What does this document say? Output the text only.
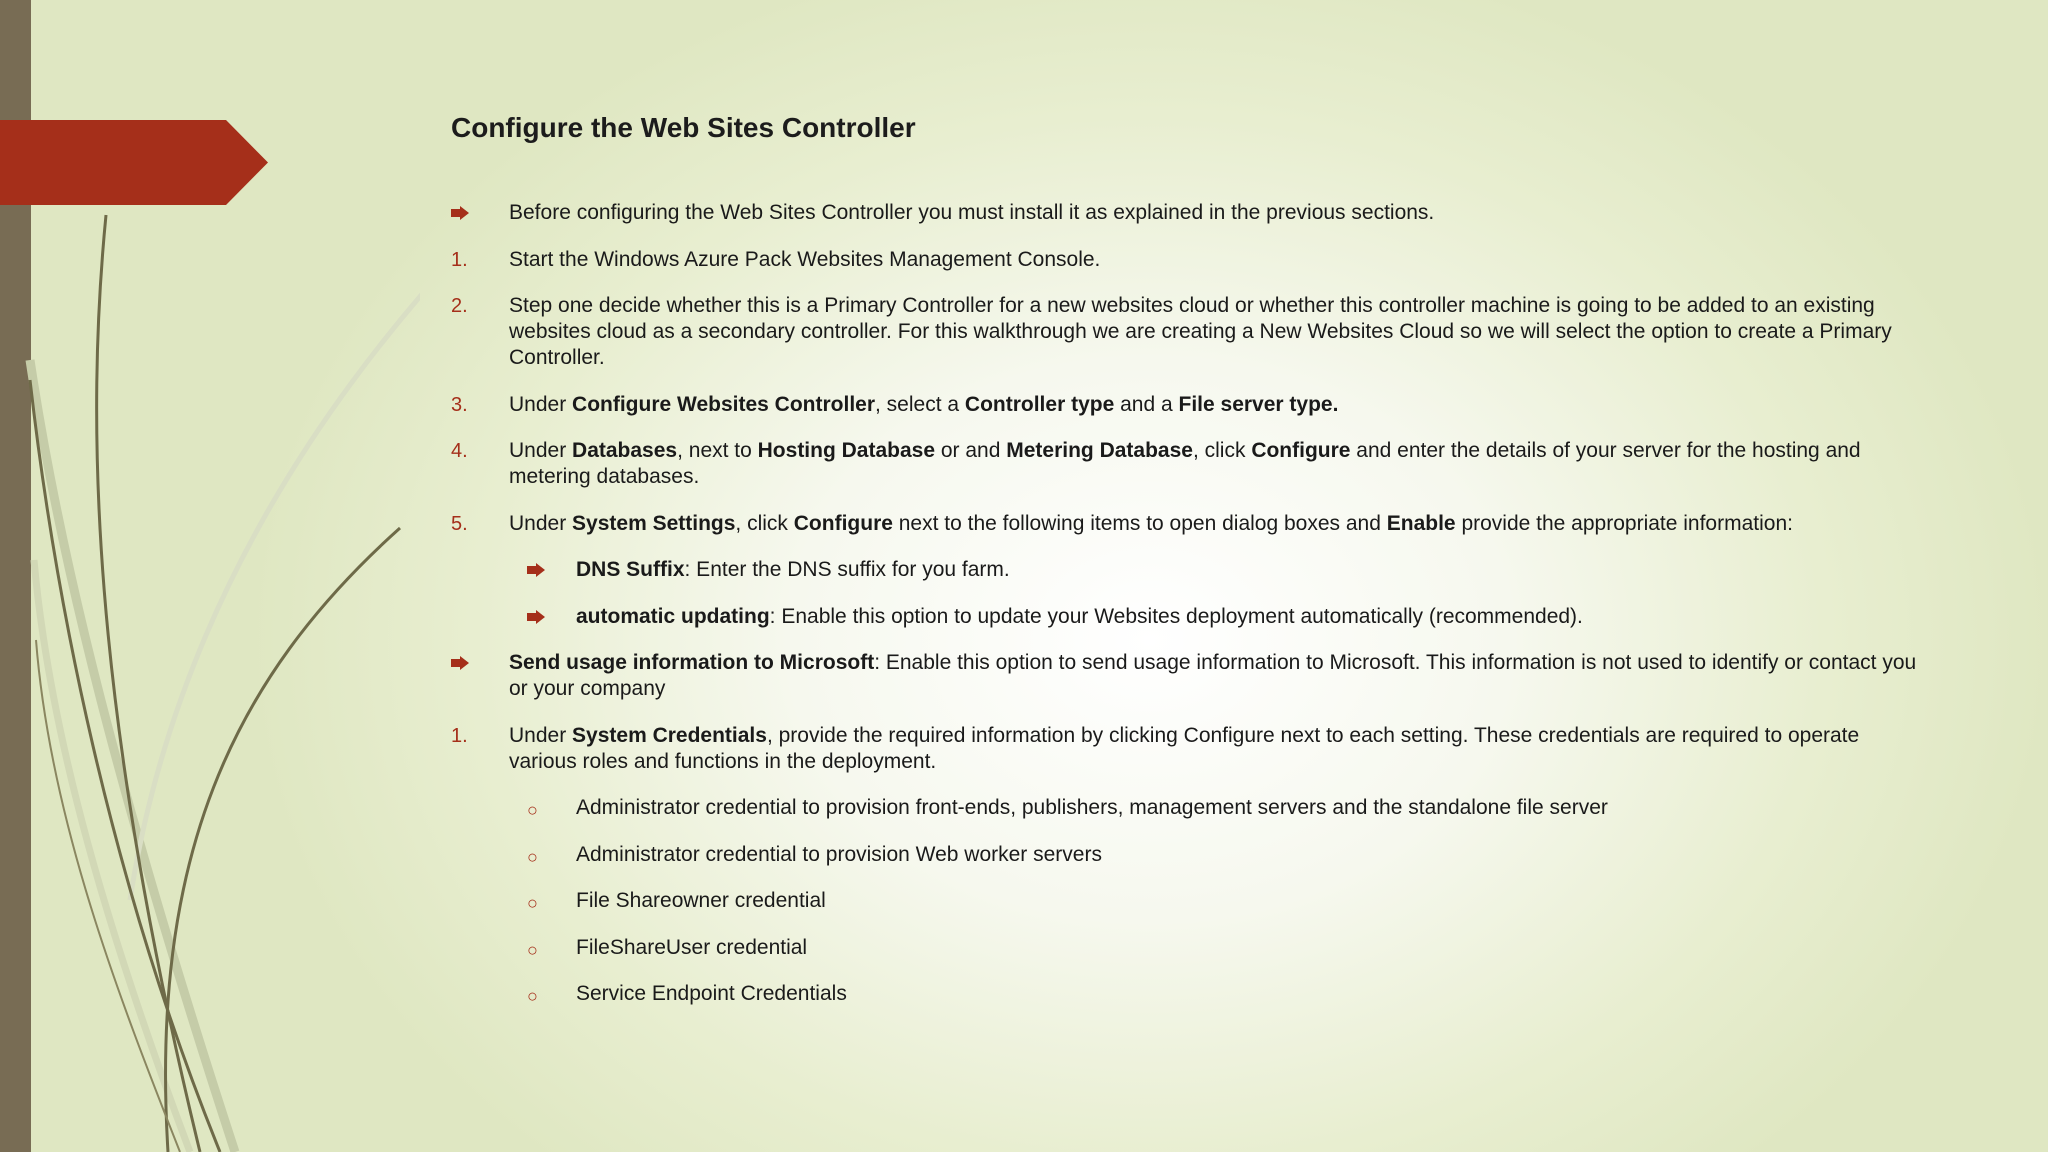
Configure the Web Sites Controller
Before configuring the Web Sites Controller you must install it as explained in the previous sections.
1. Start the Windows Azure Pack Websites Management Console.
2. Step one decide whether this is a Primary Controller for a new websites cloud or whether this controller machine is going to be added to an existing websites cloud as a secondary controller. For this walkthrough we are creating a New Websites Cloud so we will select the option to create a Primary Controller.
3. Under Configure Websites Controller, select a Controller type and a File server type.
4. Under Databases, next to Hosting Database or and Metering Database, click Configure and enter the details of your server for the hosting and metering databases.
5. Under System Settings, click Configure next to the following items to open dialog boxes and Enable provide the appropriate information:
DNS Suffix: Enter the DNS suffix for you farm.
automatic updating: Enable this option to update your Websites deployment automatically (recommended).
Send usage information to Microsoft: Enable this option to send usage information to Microsoft. This information is not used to identify or contact you or your company
1. Under System Credentials, provide the required information by clicking Configure next to each setting. These credentials are required to operate various roles and functions in the deployment.
○ Administrator credential to provision front-ends, publishers, management servers and the standalone file server
○ Administrator credential to provision Web worker servers
○ File Shareowner credential
○ FileShareUser credential
○ Service Endpoint Credentials
